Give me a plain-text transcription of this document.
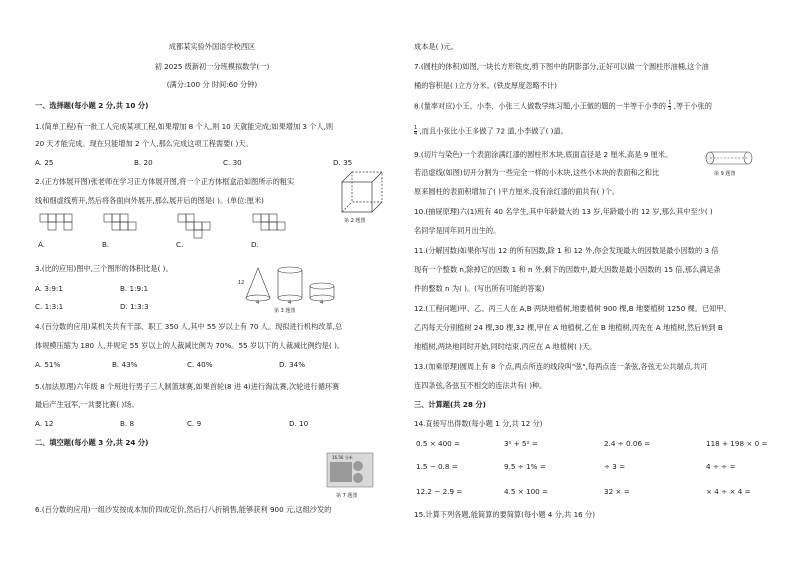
成都某实验外国语学校西区
初 2025 级新初一分班模拟数学(一)
(满分:100 分 时间:60 分钟)
一、选择题(每小题 2 分,共 10 分)
1.(简单工程)有一批工人完成某项工程,如果增加 8 个人,则 10 天就能完成;如果增加 3 个人,则
20 天才能完成。现在只能增加 2 个人,那么完成这项工程需要( )天。
A. 25	B. 20	C. 30	D. 35
2.(正方体展开图)张老师在学习正方体展开图,将一个正方体框盒沿如图所示的粗实
线和细虚线剪开,然后将各面向外展开,那么展开后的图是( )。(单位:厘米)
第 2 题图
A.	B.	C.	D.
3.(比的应用)图中,三个图形的体积比是( )。
A. 3:9:1	B. 1:9:1
C. 1:3:1	D. 1:3:3
12
4	4	4
第 3 题图
4.(百分数的应用)某机关共有干部、职工 350 人,其中 55 岁以上有 70 人。现拟进行机构改革,总
体规模压缩为 180 人,并规定 55 岁以上的人裁减比例为 70%。55 岁以下的人裁减比例约是( )。
A. 51%	B. 43%	C. 40%	D. 34%
5.(加法原理)六年级 8 个班进行男子三人制篮球赛,如果首轮(8 进 4)进行淘汰赛,次轮进行循环赛
最后产生冠军,一共要比赛( )场。
A. 12	B. 8	C. 9	D. 10
二、填空题(每小题 3 分,共 24 分)
16.56 分米
第 7 题图
6.(百分数的应用)一组沙发按成本加价四成定价,然后打八折销售,能够获利 900 元,这组沙发的
成本是( )元。
7.(圆柱的体积)如图,一块长方形铁皮,剪下图中的阴影部分,正好可以做一个圆柱形油桶,这个油
桶的容积是( )立方分米。(铁皮厚度忽略不计)
8.(量率对应)小王、小李、小张三人做数学练习题,小王做的题的一半等于小李的 $\frac{1}{3}$ ,等于小张的
$\frac{1}{4}$ ,而且小张比小王多做了 72 道,小李做了( )道。
9.(切片与染色)一个表面涂满红漆的圆柱形木块,底面直径是 2 厘米,高是 9 厘米。
若沿虚线(如图)切开分割为一些完全一样的小木块,这些小木块的表面和之和比
原来圆柱的表面积增加了( )平方厘米,没有涂红漆的面共有( )个。
第 9 题图
10.(抽屉原理)六(1)班有 40 名学生,其中年龄最大的 13 岁,年龄最小的 12 岁,那么其中至少( )
名同学是同年同月出生的。
11.(分解因数)如果你写出 12 的所有因数,除 1 和 12 外,你会发现最大的因数是最小因数的 3 倍
现有一个整数 n,除掉它的因数 1 和 n 外,剩下的因数中,最大因数是最小因数的 15 倍,那么满足条
件的整数 n 为( )。(写出所有可能的答案)
12.(工程问题)甲、乙、丙三人在 A,B 两块地植树,地要植树 900 棵,B 地要植树 1250 棵。已知甲、
乙丙每天分别植树 24 棵,30 棵,32 棵,甲在 A 地植树,乙在 B 地植树,丙先在 A 地植树,然后转到 B
地植树,两块地同时开始,同时结束,丙应在 A 地植树( )天。
13.(加乘原理)圆周上有 8 个点,两点所连的线段叫"弦",每两点连一条弦,各弦无公共端点,共可
连四条弦,各弦互不相交的连法共有( )种。
三、计算题(共 28 分)
14.直接写出得数(每小题 1 分,共 12 分)
0.5 × 400 =	3² + 5² =	2.4 ÷ 0.06 =	118 + 198 × 0 =
1.5 − 0.8 =	9.5 ÷ 1% =	÷ 3 =	4 ÷ ÷ =
12.2 − 2.9 =	4.5 × 100 =	32 × =	× 4 ÷ × 4 =
15.计算下列各题,能简算的要简算(每小题 4 分,共 16 分)
